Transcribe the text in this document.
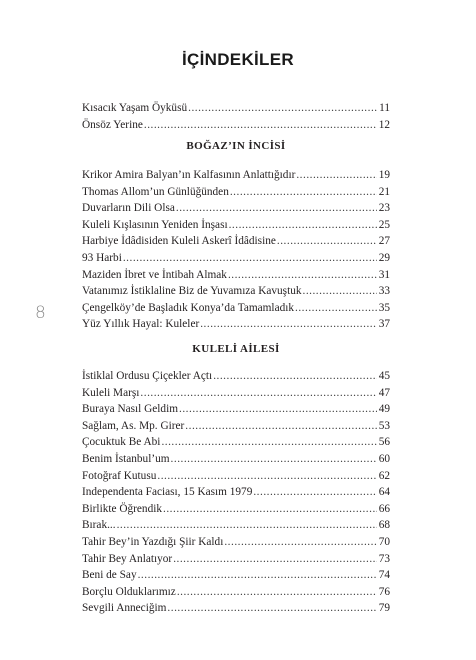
8
İÇİNDEKİLER
Kısacık Yaşam Öyküsü .....	11
Önsöz Yerine .....	12
BOĞAZ’IN İNCİSİ
Krikor Amira Balyan’ın Kalfasının Anlattığıdır .....	19
Thomas Allom’un Günlüğünden .....	21
Duvarların Dili Olsa .....	23
Kuleli Kışlasının Yeniden İnşası .....	25
Harbiye İdâdisiden Kuleli Askerî İdâdisine .....	27
93 Harbi .....	29
Maziden İbret ve İntibah Almak .....	31
Vatanımız İstiklaline Biz de Yuvamıza Kavuştuk .....	33
Çengelköy’de Başladık Konya’da Tamamladık .....	35
Yüz Yıllık Hayal: Kuleler .....	37
KULELİ AİLESİ
İstiklal Ordusu Çiçekler Açtı .....	45
Kuleli Marşı .....	47
Buraya Nasıl Geldim .....	49
Sağlam, As. Mp. Girer .....	53
Çocuktuk Be Abi .....	56
Benim İstanbul’um .....	60
Fotoğraf Kutusu .....	62
Independenta Faciası, 15 Kasım 1979 .....	64
Birlikte Öğrendik .....	66
Bırak... .....	68
Tahir Bey’in Yazdığı Şiir Kaldı .....	70
Tahir Bey Anlatıyor .....	73
Beni de Say .....	74
Borçlu Olduklarımız .....	76
Sevgili Anneciğim .....	79
